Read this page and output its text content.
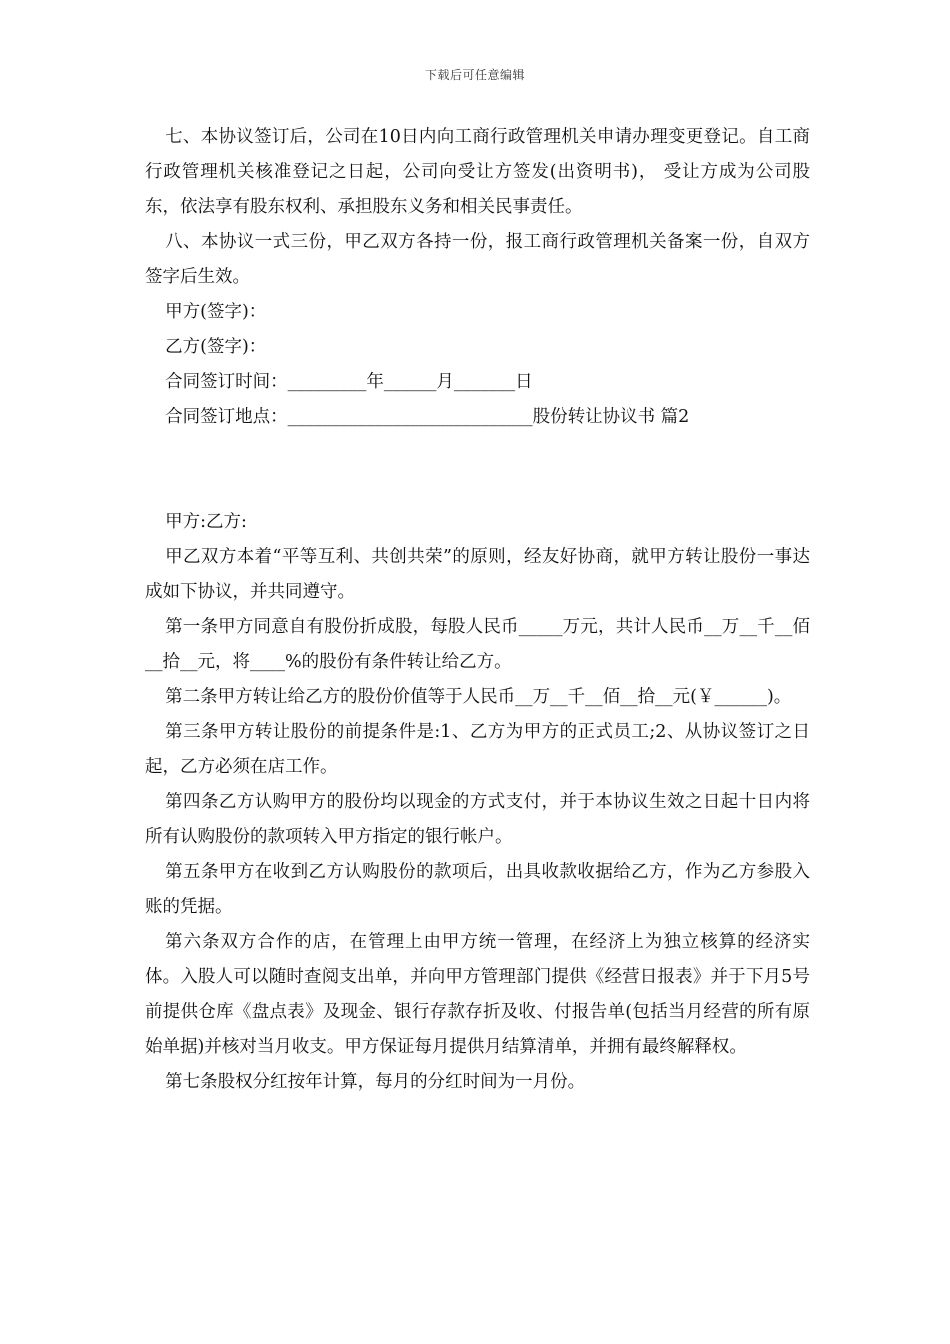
下载后可任意编辑

七、本协议签订后，公司在10日内向工商行政管理机关申请办理变更登记。自工商行政管理机关核准登记之日起，公司向受让方签发(出资明书)， 受让方成为公司股东，依法享有股东权利、承担股东义务和相关民事责任。

八、本协议一式三份，甲乙双方各持一份，报工商行政管理机关备案一份，自双方签字后生效。

甲方(签字)：

乙方(签字)：

合同签订时间：_________年______月_______日

合同签订地点：____________________________股份转让协议书 篇2

甲方:乙方:

甲乙双方本着“平等互利、共创共荣”的原则，经友好协商，就甲方转让股份一事达成如下协议，并共同遵守。

第一条甲方同意自有股份折成股，每股人民币_____万元，共计人民币__万__千__佰__拾__元，将____%的股份有条件转让给乙方。

第二条甲方转让给乙方的股份价值等于人民币__万__千__佰__拾__元(￥______)。

第三条甲方转让股份的前提条件是:1、乙方为甲方的正式员工;2、从协议签订之日起，乙方必须在店工作。

第四条乙方认购甲方的股份均以现金的方式支付，并于本协议生效之日起十日内将所有认购股份的款项转入甲方指定的银行帐户。

第五条甲方在收到乙方认购股份的款项后，出具收款收据给乙方，作为乙方参股入账的凭据。

第六条双方合作的店，在管理上由甲方统一管理，在经济上为独立核算的经济实体。入股人可以随时查阅支出单，并向甲方管理部门提供《经营日报表》并于下月5号前提供仓库《盘点表》及现金、银行存款存折及收、付报告单(包括当月经营的所有原始单据)并核对当月收支。甲方保证每月提供月结算清单，并拥有最终解释权。

第七条股权分红按年计算，每月的分红时间为一月份。
